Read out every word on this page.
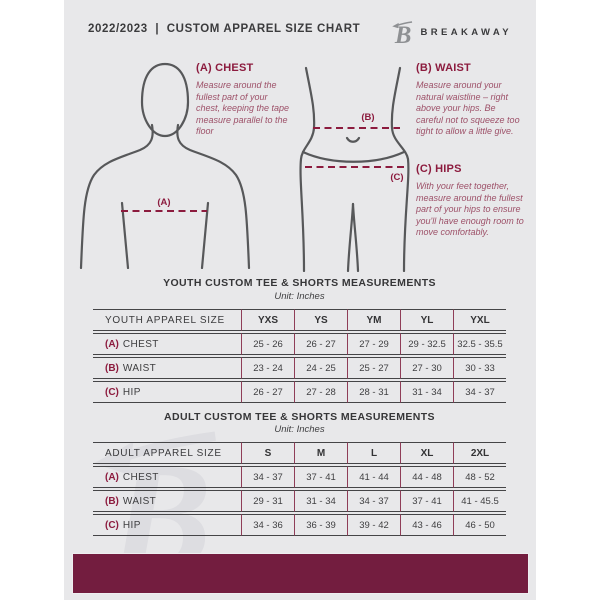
2022/2023  |  CUSTOM APPAREL SIZE CHART	BREAKAWAY
(A)
(B)
(C)

(A) CHEST

Measure around the fullest part of your chest, keeping the tape measure parallel to the floor

(B) WAIST

Measure around your natural waistline – right above your hips. Be careful not to squeeze too tight to allow a little give.

(C) HIPS

With your feet together, measure around the fullest part of your hips to ensure you'll have enough room to move comfortably.

YOUTH CUSTOM TEE & SHORTS MEASUREMENTS
Unit: Inches
YOUTH APPAREL SIZE	YXS	YS	YM	YL	YXL
(A) CHEST	25 - 26	26 - 27	27 - 29	29 - 32.5	32.5 - 35.5
(B) WAIST	23 - 24	24 - 25	25 - 27	27 - 30	30 - 33
(C) HIP	26 - 27	27 - 28	28 - 31	31 - 34	34 - 37
ADULT CUSTOM TEE & SHORTS MEASUREMENTS
Unit: Inches
ADULT APPAREL SIZE	S	M	L	XL	2XL
(A) CHEST	34 - 37	37 - 41	41 - 44	44 - 48	48 - 52
(B) WAIST	29 - 31	31 - 34	34 - 37	37 - 41	41 - 45.5
(C) HIP	34 - 36	36 - 39	39 - 42	43 - 46	46 - 50
